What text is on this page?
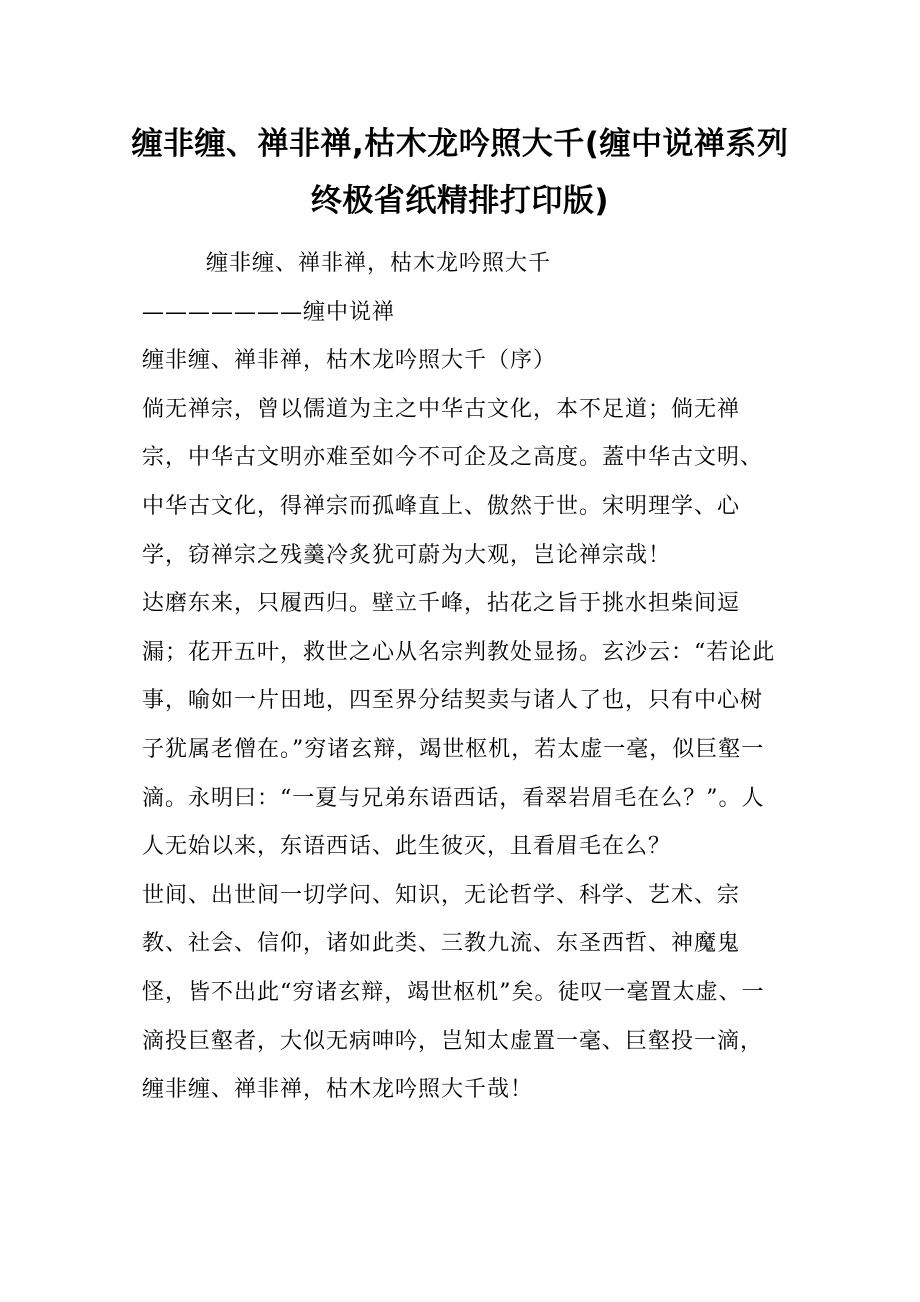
缠非缠、禅非禅,枯木龙吟照大千(缠中说禅系列终极省纸精排打印版)

缠非缠、禅非禅，枯木龙吟照大千

———————缠中说禅

缠非缠、禅非禅，枯木龙吟照大千（序）

倘无禅宗，曾以儒道为主之中华古文化，本不足道；倘无禅宗，中华古文明亦难至如今不可企及之高度。蓋中华古文明、中华古文化，得禅宗而孤峰直上、傲然于世。宋明理学、心学，窃禅宗之残羹冷炙犹可蔚为大观，岂论禅宗哉！

达磨东来，只履西归。壁立千峰，拈花之旨于挑水担柴间逗漏；花开五叶，救世之心从名宗判教处显扬。玄沙云：“若论此事，喻如一片田地，四至界分结契卖与诸人了也，只有中心树子犹属老僧在。”穷诸玄辩，竭世枢机，若太虚一毫，似巨壑一滴。永明曰：“一夏与兄弟东语西话，看翠岩眉毛在么？”。人人无始以来，东语西话、此生彼灭，且看眉毛在么？

世间、出世间一切学问、知识，无论哲学、科学、艺术、宗教、社会、信仰，诸如此类、三教九流、东圣西哲、神魔鬼怪，皆不出此“穷诸玄辩，竭世枢机”矣。徒叹一毫置太虚、一滴投巨壑者，大似无病呻吟，岂知太虚置一毫、巨壑投一滴，缠非缠、禅非禅，枯木龙吟照大千哉！
